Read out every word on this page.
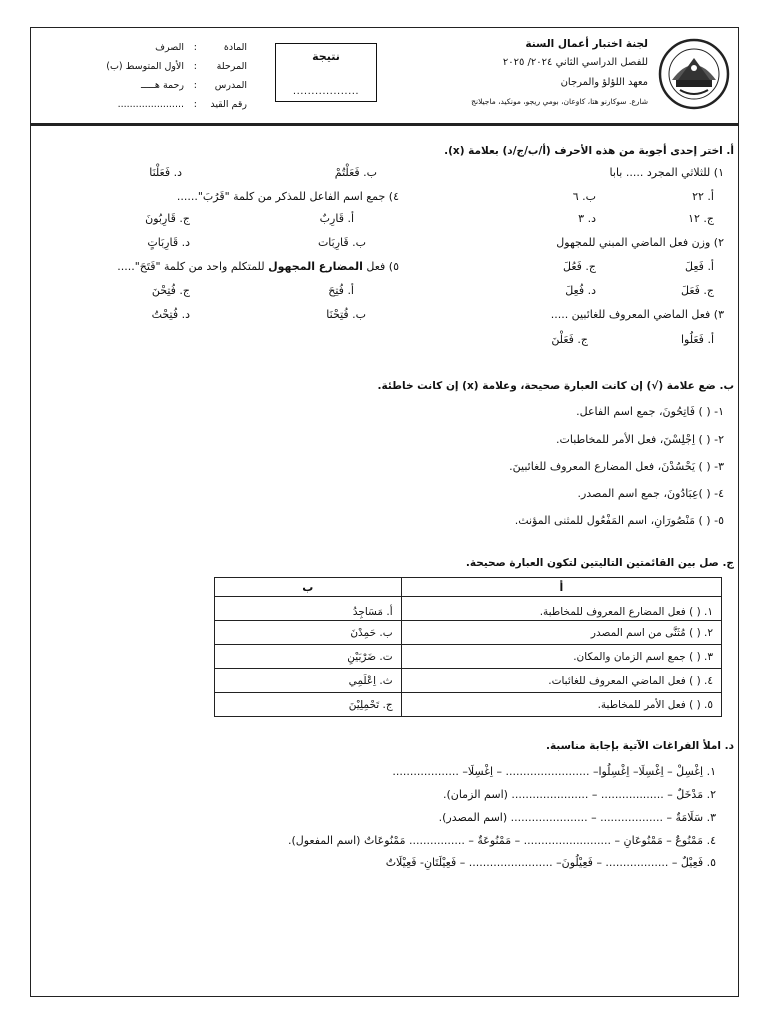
لجنة اختبار أعمال السنة
للفصل الدراسي الثاني ٢٠٢٤/ ٢٠٢٥
معهد اللؤلؤ والمرجان
شارع. سوكارنو هتا، كاوعان، بومي ريجو، مونكيد، ماجيلانج
نتيجة
..................
المادة
:
الصرف
المرحلة
:
الأول المتوسط (ب)
المدرس
:
رحمة هـــــ
رقم القيد
:
......................
أ. اختر إحدى أجوبة من هذه الأحرف (أ/ب/ج/د) بعلامة (x).
١) للثلاثي المجرد ..... بابا
ب. فَعَلْتُمْ
د. فَعَلْنَا
أ. ٢٢
ب. ٦
٤) جمع اسم الفاعل للمذكر من كلمة "قَرُبَ"......
ج. ١٢
د. ٣
أ. قَارِبٌ
ج. قَارِبُونَ
٢) وزن فعل الماضي المبني للمجهول
ب. قَارِبَات
د. قَارِبَاتٍ
أ. فَعِلَ
ج. فَعُلَ
٥) فعل المضارع المجهول للمتكلم واحد من كلمة "فَتَحَ".....
ج. فَعَلَ
د. فُعِلَ
أ. فُتِحَ
ج. فُتِحْنَ
٣) فعل الماضي المعروف للغائبين .....
ب. فُتِحْنَا
د. فُتِحْتُ
أ. فَعَلُوا
ج. فَعَلْنَ
ب. ضع علامة (√) إن كانت العبارة صحيحة، وعلامة (x) إن كانت خاطئة.
١- ( ) فَاتِحُونَ، جمع اسم الفاعل.
٢- ( ) اِجْلِسْنَ، فعل الأمر للمخاطبات.
٣- ( ) يَحْسُدْنَ، فعل المضارع المعروف للغائبينَ.
٤- ( )عِبَادُونَ، جمع اسم المصدر.
٥- ( ) مَنْصُورَانِ، اسم المَفْعُول للمثنى المؤنث.
ج. صل بين القائمتين التاليتين لتكون العبارة صحيحة.
أ	ب
١. ( ) فعل المضارع المعروف للمخاطبة.	أ. مَسَاجِدُ
٢. ( ) مُثَنَّى من اسم المصدر	ب. حَمِدْنَ
٣. ( ) جمع اسم الزمان والمكان.	ت. ضَرْبَيْنِ
٤. ( ) فعل الماضي المعروف للغائبات.	ث. اِعْلَمِي
٥. ( ) فعل الأمر للمخاطبة.	ج. تَحْمِلِيْنَ
د. املأ الفراغات الآتية بإجابة مناسبة.
١. اِغْسِلْ – اِغْسِلَا– اِغْسِلُوا– ........................ – اِغْسِلَا– ...................
٢. مَدْخَلٌ – .................. – ...................... (اسم الزمان).
٣. سَلَامَةٌ – .................. – ...................... (اسم المصدر).
٤. مَمْنُوعٌ – مَمْنُوعَانِ – ......................... – مَمْنُوعَةٌ – ................ مَمْنُوعَاتٌ (اسم المفعول).
٥. فَعِيْلٌ – .................. – فَعِيْلُونَ– ........................ – فَعِيْلَتَانِ- فَعِيْلَاتٌ
